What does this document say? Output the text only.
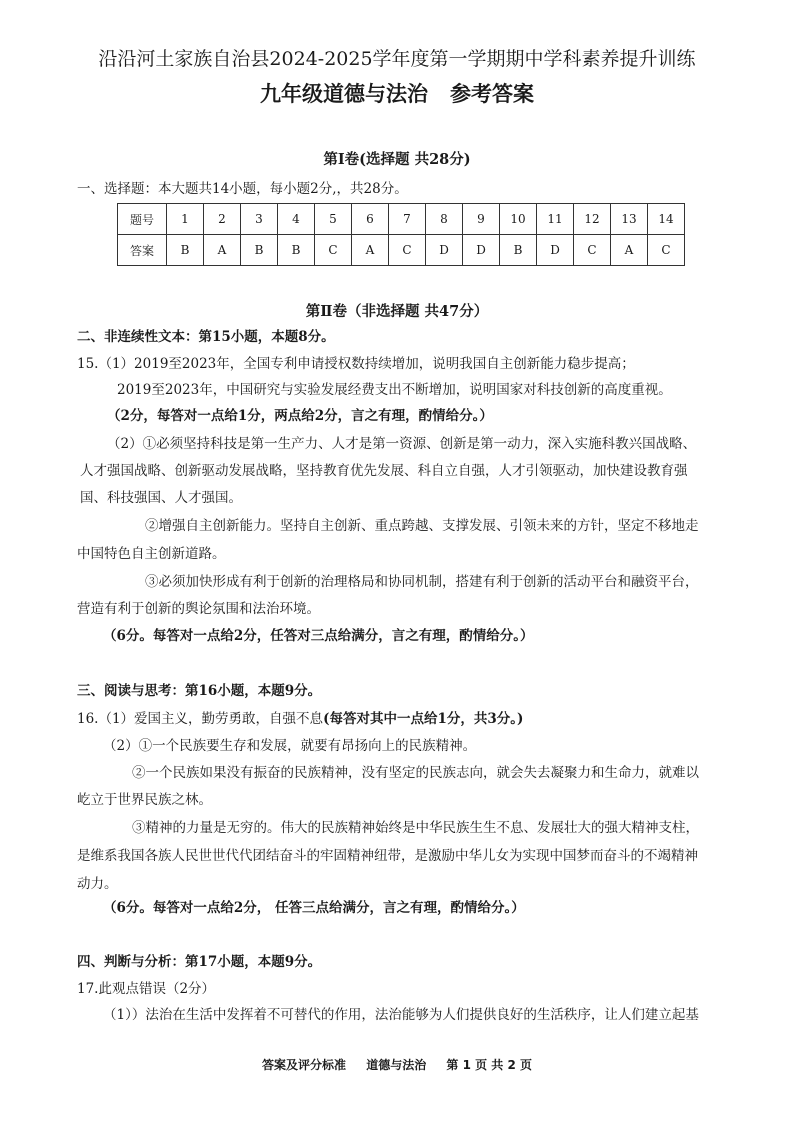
沿沿河土家族自治县2024-2025学年度第一学期期中学科素养提升训练
九年级道德与法治 参考答案
第Ⅰ卷(选择题 共28分)
一、选择题：本大题共14小题，每小题2分,，共28分。
题号	1	2	3	4	5	6	7	8	9	10	11	12	13	14
答案	B	A	B	B	C	A	C	D	D	B	D	C	A	C
第Ⅱ卷（非选择题 共47分）
二、非连续性文本：第15小题，本题8分。
15.（1）2019至2023年，全国专利申请授权数持续增加，说明我国自主创新能力稳步提高；
2019至2023年，中国研究与实验发展经费支出不断增加，说明国家对科技创新的高度重视。
（2分，每答对一点给1分，两点给2分，言之有理，酌情给分。）
（2）①必须坚持科技是第一生产力、人才是第一资源、创新是第一动力，深入实施科教兴国战略、
人才强国战略、创新驱动发展战略，坚持教育优先发展、科自立自强，人才引领驱动，加快建设教育强
国、科技强国、人才强国。
②增强自主创新能力。坚持自主创新、重点跨越、支撑发展、引领未来的方针，坚定不移地走
中国特色自主创新道路。
③必须加快形成有利于创新的治理格局和协同机制，搭建有利于创新的活动平台和融资平台，
营造有利于创新的舆论氛围和法治环境。
（6分。每答对一点给2分，任答对三点给满分，言之有理，酌情给分。）
三、阅读与思考：第16小题，本题9分。
16.（1）爱国主义，勤劳勇敢，自强不息(每答对其中一点给1分，共3分。)
（2）①一个民族要生存和发展，就要有昂扬向上的民族精神。
②一个民族如果没有振奋的民族精神，没有坚定的民族志向，就会失去凝聚力和生命力，就难以
屹立于世界民族之林。
③精神的力量是无穷的。伟大的民族精神始终是中华民族生生不息、发展壮大的强大精神支柱，
是维系我国各族人民世世代代团结奋斗的牢固精神纽带，是激励中华儿女为实现中国梦而奋斗的不竭精神
动力。
（6分。每答对一点给2分， 任答三点给满分，言之有理，酌情给分。）
四、判断与分析：第17小题，本题9分。
17.此观点错误（2分）
（1））法治在生活中发挥着不可替代的作用，法治能够为人们提供良好的生活秩序，让人们建立起基
答案及评分标准 道德与法治 第 1 页 共 2 页
